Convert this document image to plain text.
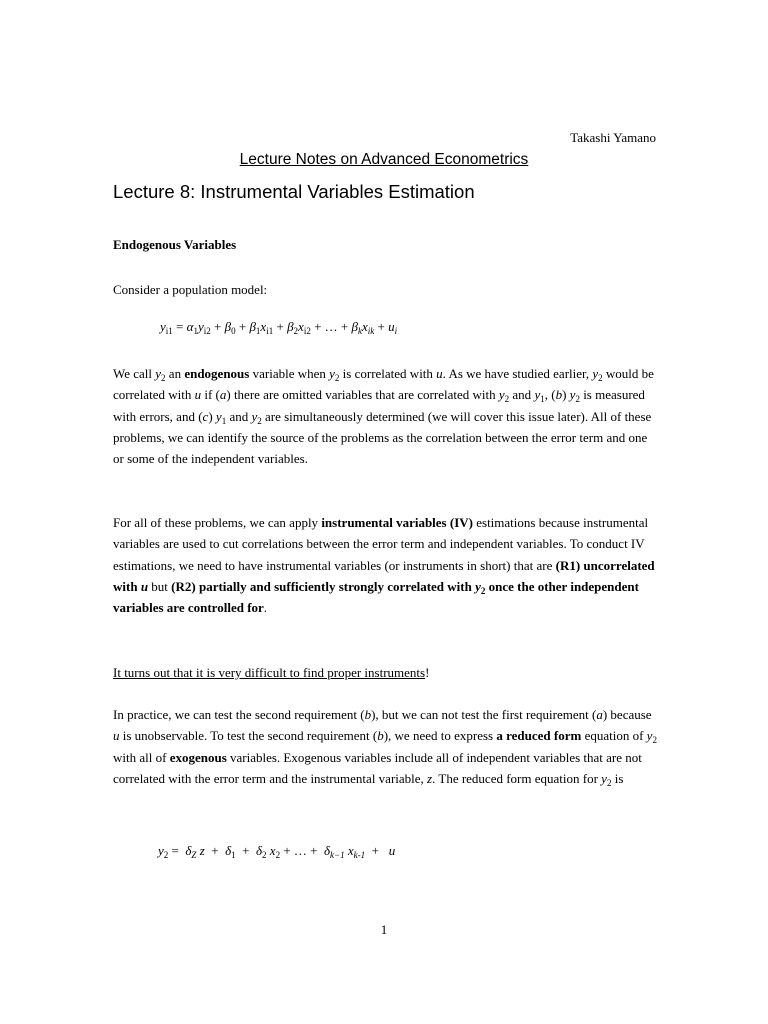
Takashi Yamano
Lecture Notes on Advanced Econometrics
Lecture 8: Instrumental Variables Estimation
Endogenous Variables
Consider a population model:
$y_{i1} = \alpha_1y_{i2} + \beta_0 + \beta_1x_{i1} + \beta_2x_{i2}$ + … + $\beta_kx_{ik} + u_i$
We call $y_2$ an endogenous variable when $y_2$ is correlated with u. As we have studied earlier, $y_2$ would be correlated with u if (a) there are omitted variables that are correlated with $y_2$ and $y_1$, (b) $y_2$ is measured with errors, and (c) $y_1$ and $y_2$ are simultaneously determined (we will cover this issue later). All of these problems, we can identify the source of the problems as the correlation between the error term and one or some of the independent variables.
For all of these problems, we can apply instrumental variables (IV) estimations because instrumental variables are used to cut correlations between the error term and independent variables. To conduct IV estimations, we need to have instrumental variables (or instruments in short) that are (R1) uncorrelated with u but (R2) partially and sufficiently strongly correlated with $y_2$ once the other independent variables are controlled for.
It turns out that it is very difficult to find proper instruments!
In practice, we can test the second requirement (b), but we can not test the first requirement (a) because u is unobservable. To test the second requirement (b), we need to express a reduced form equation of $y_2$ with all of exogenous variables. Exogenous variables include all of independent variables that are not correlated with the error term and the instrumental variable, z. The reduced form equation for $y_2$ is
$y_2 = \delta_Z$ $z + \delta_1 + \delta_2$ $x_2$ + … +  $\delta_{k-1}$ $x_{k-1} + u$
1
